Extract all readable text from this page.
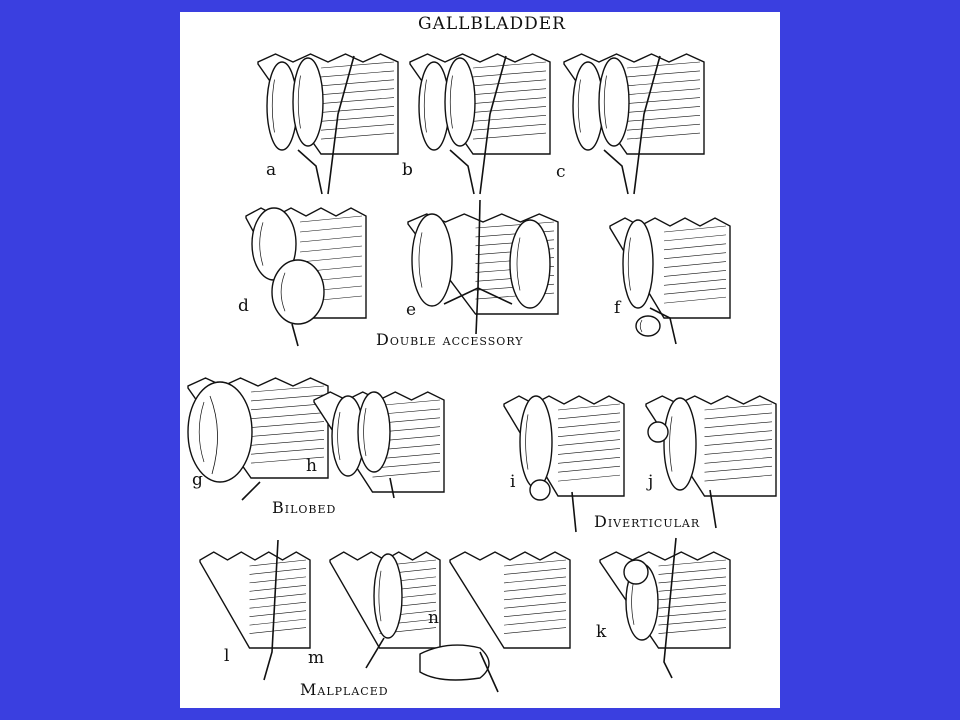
GALLBLADDER
Double accessory
Bilobed
Diverticular
Malplaced
a	b	c
d	e	f
g
h
i	j
k
l	m
n
